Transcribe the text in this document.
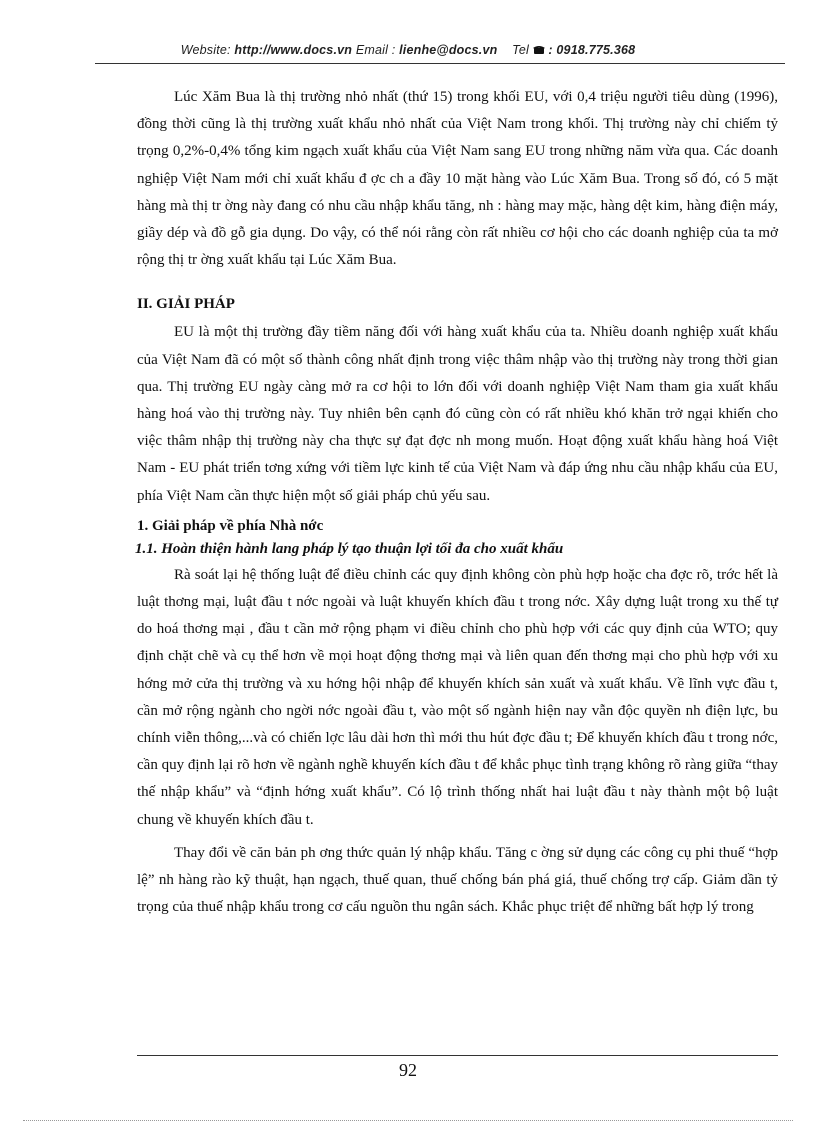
Website: http://www.docs.vn Email : lienhe@docs.vn Tel : 0918.775.368

Lúc Xăm Bua là thị trường nhỏ nhất (thứ 15) trong khối EU, với 0,4 triệu người tiêu dùng (1996), đồng thời cũng là thị trường xuất khẩu nhỏ nhất của Việt Nam trong khối. Thị trường này chỉ chiếm tỷ trọng 0,2%-0,4% tổng kim ngạch xuất khẩu của Việt Nam sang EU trong những năm vừa qua. Các doanh nghiệp Việt Nam mới chỉ xuất khẩu đ ợc ch a đầy 10 mặt hàng vào Lúc Xăm Bua. Trong số đó, có 5 mặt hàng mà thị tr ờng này đang có nhu cầu nhập khẩu tăng, nh : hàng may mặc, hàng dệt kim, hàng điện máy, giầy dép và đồ gỗ gia dụng. Do vậy, có thể nói rằng còn rất nhiều cơ hội cho các doanh nghiệp của ta mở rộng thị tr ờng xuất khẩu tại Lúc Xăm Bua.

II. GIẢI PHÁP

EU là một thị trường đầy tiềm năng đối với hàng xuất khẩu của ta. Nhiều doanh nghiệp xuất khẩu của Việt Nam đã có một số thành công nhất định trong việc thâm nhập vào thị trường này trong thời gian qua. Thị trường EU ngày càng mở ra cơ hội to lớn đối với doanh nghiệp Việt Nam tham gia xuất khẩu hàng hoá vào thị trường này. Tuy nhiên bên cạnh đó cũng còn có rất nhiều khó khăn trở ngại khiến cho việc thâm nhập thị trường này cha thực sự đạt đợc nh mong muốn. Hoạt động xuất khẩu hàng hoá Việt Nam - EU phát triển tơng xứng với tiềm lực kinh tế của Việt Nam và đáp ứng nhu cầu nhập khẩu của EU, phía Việt Nam cần thực hiện một số giải pháp chủ yếu sau.

1. Giải pháp về phía Nhà nớc
1.1. Hoàn thiện hành lang pháp lý tạo thuận lợi tối đa cho xuất khẩu

Rà soát lại hệ thống luật để điều chỉnh các quy định không còn phù hợp hoặc cha đợc rõ, trớc hết là luật thơng mại, luật đầu t nớc ngoài và luật khuyến khích đầu t trong nớc. Xây dựng luật trong xu thế tự do hoá thơng mại , đầu t cần mở rộng phạm vi điều chỉnh cho phù hợp với các quy định của WTO; quy định chặt chẽ và cụ thể hơn về mọi hoạt động thơng mại và liên quan đến thơng mại cho phù hợp với xu hớng mở cửa thị trường và xu hớng hội nhập để khuyến khích sản xuất và xuất khẩu. Về lĩnh vực đầu t, cần mở rộng ngành cho ngời nớc ngoài đầu t, vào một số ngành hiện nay vẫn độc quyền nh điện lực, bu chính viễn thông,...và có chiến lợc lâu dài hơn thì mới thu hút đợc đầu t; Để khuyến khích đầu t trong nớc, cần quy định lại rõ hơn về ngành nghề khuyến kích đầu t để khắc phục tình trạng không rõ ràng giữa “thay thế nhập khẩu” và “định hớng xuất khẩu”. Có lộ trình thống nhất hai luật đầu t này thành một bộ luật chung về khuyến khích đầu t.

Thay đổi về căn bản ph ơng thức quản lý nhập khẩu. Tăng c ờng sử dụng các công cụ phi thuế “hợp lệ” nh hàng rào kỹ thuật, hạn ngạch, thuế quan, thuế chống bán phá giá, thuế chống trợ cấp. Giảm dần tỷ trọng của thuế nhập khẩu trong cơ cấu nguồn thu ngân sách. Khắc phục triệt để những bất hợp lý trong

92
